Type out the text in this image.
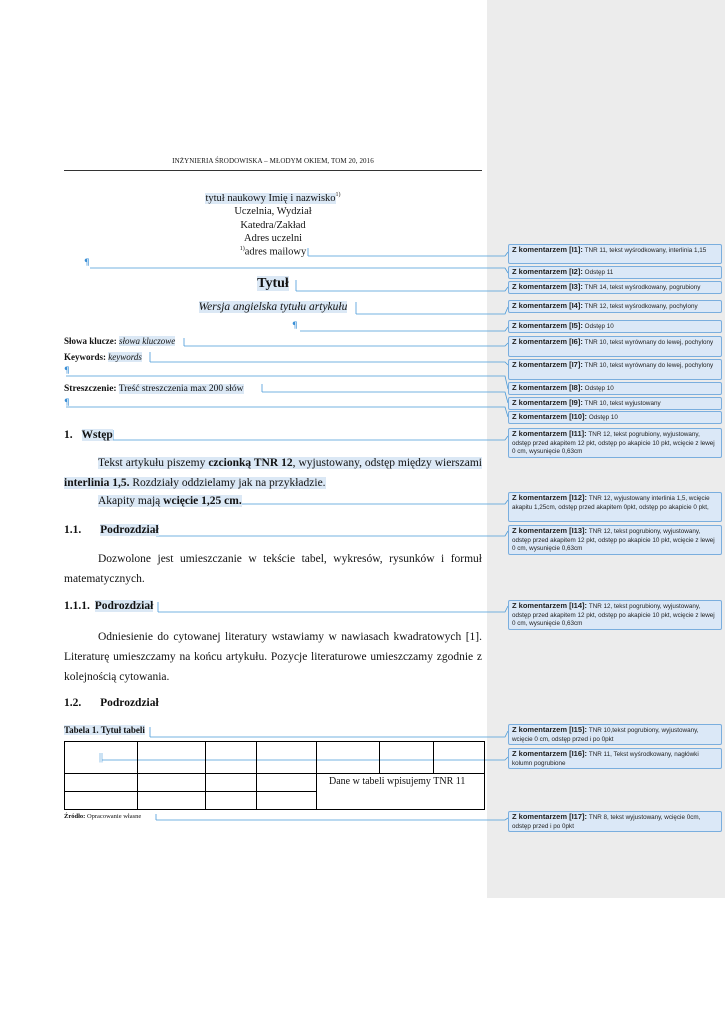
INŻYNIERIA ŚRODOWISKA – MŁODYM OKIEM, TOM 20, 2016
tytuł naukowy Imię i nazwisko$^{1)}$
Uczelnia, Wydział
Katedra/Zakład
Adres uczelni
$^{1)}$adres mailowy
¶
Tytuł
Wersja angielska tytułu artykułu
¶
Słowa klucze: słowa kluczowe
Keywords: keywords
¶
Streszczenie: Treść streszczenia max 200 słów
¶
1. Wstęp
Tekst artykułu piszemy czcionką TNR 12, wyjustowany, odstęp między wierszami interlinia 1,5. Rozdziały oddzielamy jak na przykładzie.
Akapity mają wcięcie 1,25 cm.
1.1. Podrozdział
Dozwolone jest umieszczanie w tekście tabel, wykresów, rysunków i formuł matematycznych.
1.1.1. Podrozdział
Odniesienie do cytowanej literatury wstawiamy w nawiasach kwadratowych [1]. Literaturę umieszczamy na końcu artykułu. Pozycje literaturowe umieszczamy zgodnie z kolejnością cytowania.
1.2. Podrozdział
Tabela 1. Tytuł tabeli
||						
				Dane w tabeli wpisujemy TNR 11		

Źródło: Opracowanie własne
Z komentarzem [I1]: TNR 11, tekst wyśrodkowany, interlinia 1,15
Z komentarzem [I2]: Odstęp 11
Z komentarzem [I3]: TNR 14, tekst wyśrodkowany, pogrubiony
Z komentarzem [I4]: TNR 12, tekst wyśrodkowany, pochylony
Z komentarzem [I5]: Odstęp 10
Z komentarzem [I6]: TNR 10, tekst wyrównany do lewej, pochylony
Z komentarzem [I7]: TNR 10, tekst wyrównany do lewej, pochylony
Z komentarzem [I8]: Odstęp 10
Z komentarzem [I9]: TNR 10, tekst wyjustowany
Z komentarzem [I10]: Odstęp 10
Z komentarzem [I11]: TNR 12, tekst pogrubiony, wyjustowany, odstęp przed akapitem 12 pkt, odstęp po akapicie 10 pkt, wcięcie z lewej 0 cm, wysunięcie 0,63cm
Z komentarzem [I12]: TNR 12, wyjustowany interlinia 1,5, wcięcie akapitu 1,25cm, odstęp przed akapitem 0pkt, odstęp po akapicie 0 pkt,
Z komentarzem [I13]: TNR 12, tekst pogrubiony, wyjustowany, odstęp przed akapitem 12 pkt, odstęp po akapicie 10 pkt, wcięcie z lewej 0 cm, wysunięcie 0,63cm
Z komentarzem [I14]: TNR 12, tekst pogrubiony, wyjustowany, odstęp przed akapitem 12 pkt, odstęp po akapicie 10 pkt, wcięcie z lewej 0 cm, wysunięcie 0,63cm
Z komentarzem [I15]: TNR 10,tekst pogrubiony, wyjustowany, wcięcie 0 cm, odstęp przed i po 0pkt
Z komentarzem [I16]: TNR 11, Tekst wyśrodkowany, nagłówki kolumn pogrubione
Z komentarzem [I17]: TNR 8, tekst wyjustowany, wcięcie 0cm, odstęp przed i po 0pkt
